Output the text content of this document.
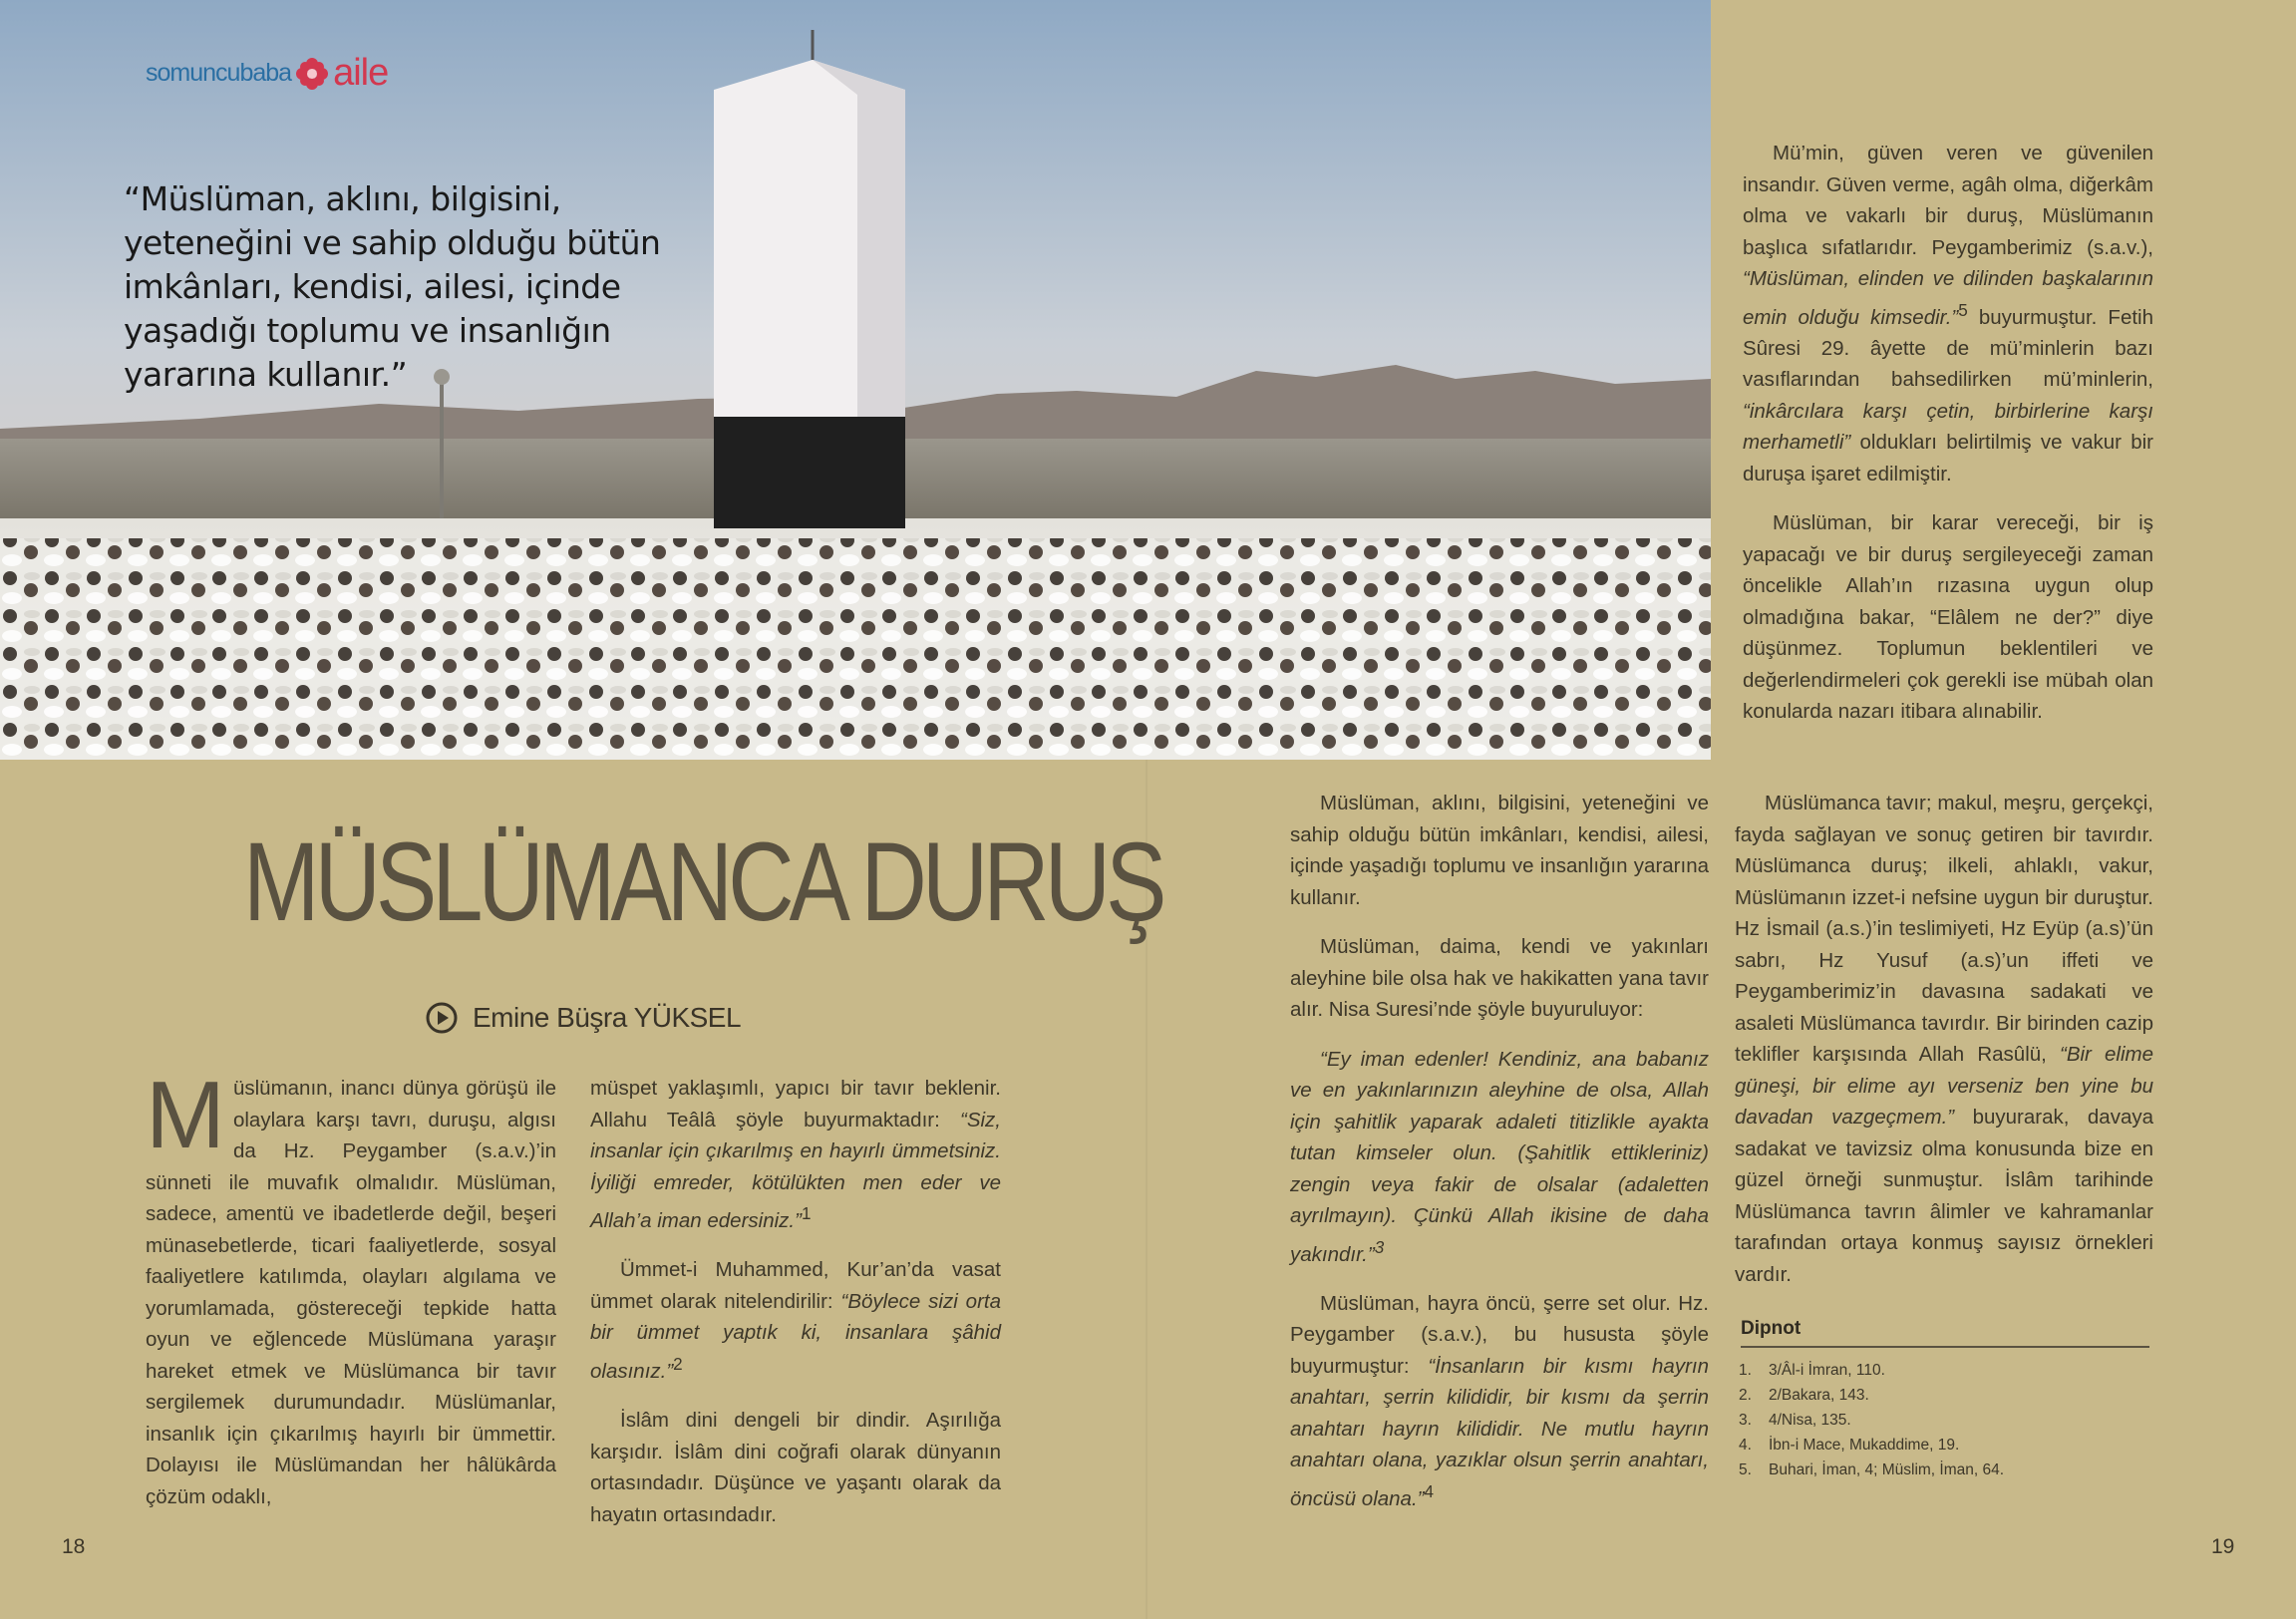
somuncubaba aile

“Müslüman, aklını, bilgisini, yeteneğini ve sahip olduğu bütün imkânları, kendisi, ailesi, içinde yaşadığı toplumu ve insanlığın yararına kullanır.”

MÜSLÜMANCA DURUŞ
Emine Büşra YÜKSEL

Müslümanın, inancı dünya görüşü ile olaylara karşı tavrı, duruşu, algısı da Hz. Peygamber (s.a.v.)’in sünneti ile muvafık olmalıdır. Müslüman, sadece, amentü ve ibadetlerde değil, beşeri münasebetlerde, ticari faaliyetlerde, sosyal faaliyetlere katılımda, olayları algılama ve yorumlamada, göstereceği tepkide hatta oyun ve eğlencede Müslümana yaraşır hareket etmek ve Müslümanca bir tavır sergilemek durumundadır. Müslümanlar, insanlık için çıkarılmış hayırlı bir ümmettir. Dolayısı ile Müslümandan her hâlükârda çözüm odaklı,

müspet yaklaşımlı, yapıcı bir tavır beklenir. Allahu Teâlâ şöyle buyurmaktadır: “Siz, insanlar için çıkarılmış en hayırlı ümmetsiniz. İyiliği emreder, kötülükten men eder ve Allah’a iman edersiniz.”$^1$

Ümmet-i Muhammed, Kur’an’da vasat ümmet olarak nitelendirilir: “Böylece sizi orta bir ümmet yaptık ki, insanlara şâhid olasınız.”$^2$

İslâm dini dengeli bir dindir. Aşırılığa karşıdır. İslâm dini coğrafi olarak dünyanın ortasındadır. Düşünce ve yaşantı olarak da hayatın ortasındadır.

Müslüman, aklını, bilgisini, yeteneğini ve sahip olduğu bütün imkânları, kendisi, ailesi, içinde yaşadığı toplumu ve insanlığın yararına kullanır.

Müslüman, daima, kendi ve yakınları aleyhine bile olsa hak ve hakikatten yana tavır alır. Nisa Suresi’nde şöyle buyuruluyor:

“Ey iman edenler! Kendiniz, ana babanız ve en yakınlarınızın aleyhine de olsa, Allah için şahitlik yaparak adaleti titizlikle ayakta tutan kimseler olun. (Şahitlik ettikleriniz) zengin veya fakir de olsalar (adaletten ayrılmayın). Çünkü Allah ikisine de daha yakındır.”$^3$

Müslüman, hayra öncü, şerre set olur. Hz. Peygamber (s.a.v.), bu hususta şöyle buyurmuştur: “İnsanların bir kısmı hayrın anahtarı, şerrin kilididir, bir kısmı da şerrin anahtarı hayrın kilididir. Ne mutlu hayrın anahtarı olana, yazıklar olsun şerrin anahtarı, öncüsü olana.”$^4$

Mü’min, güven veren ve güvenilen insandır. Güven verme, agâh olma, diğerkâm olma ve vakarlı bir duruş, Müslümanın başlıca sıfatlarıdır. Peygamberimiz (s.a.v.), “Müslüman, elinden ve dilinden başkalarının emin olduğu kimsedir.”$^5$ buyurmuştur. Fetih Sûresi 29. âyette de mü’minlerin bazı vasıflarından bahsedilirken mü’minlerin, “inkârcılara karşı çetin, birbirlerine karşı merhametli” oldukları belirtilmiş ve vakur bir duruşa işaret edilmiştir.

Müslüman, bir karar vereceği, bir iş yapacağı ve bir duruş sergileyeceği zaman öncelikle Allah’ın rızasına uygun olup olmadığına bakar, “Elâlem ne der?” diye düşünmez. Toplumun beklentileri ve değerlendirmeleri çok gerekli ise mübah olan konularda nazarı itibara alınabilir.

Müslümanca tavır; makul, meşru, gerçekçi, fayda sağlayan ve sonuç getiren bir tavırdır. Müslümanca duruş; ilkeli, ahlaklı, vakur, Müslümanın izzet-i nefsine uygun bir duruştur. Hz İsmail (a.s.)’in teslimiyeti, Hz Eyüp (a.s)’ün sabrı, Hz Yusuf (a.s)’un iffeti ve Peygamberimiz’in davasına sadakati ve asaleti Müslümanca tavırdır. Bir birinden cazip teklifler karşısında Allah Rasûlü, “Bir elime güneşi, bir elime ayı verseniz ben yine bu davadan vazgeçmem.” buyurarak, davaya sadakat ve tavizsiz olma konusunda bize en güzel örneği sunmuştur. İslâm tarihinde Müslümanca tavrın âlimler ve kahramanlar tarafından ortaya konmuş sayısız örnekleri vardır.

Dipnot
1.	3/Âl-i İmran, 110.
2.	2/Bakara, 143.
3.	4/Nisa, 135.
4.	İbn-i Mace, Mukaddime, 19.
5.	Buhari, İman, 4; Müslim, İman, 64.
18	19
